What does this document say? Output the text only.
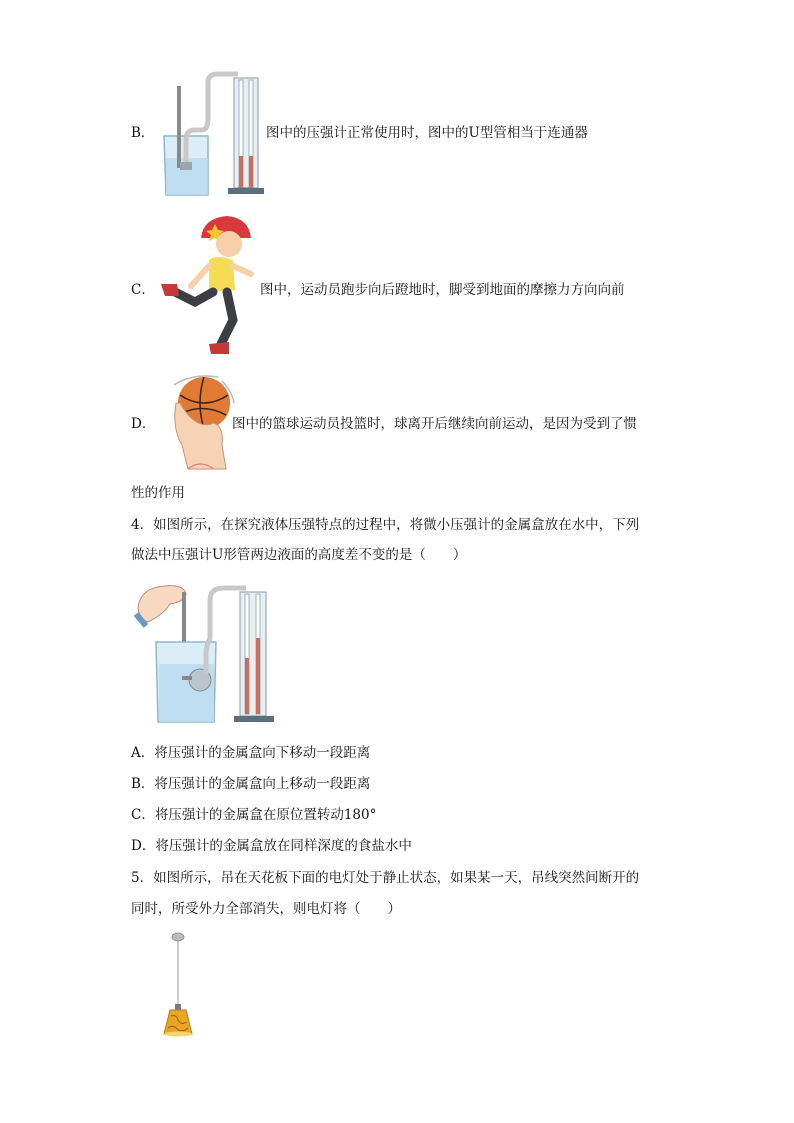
B．	图中的压强计正常使用时，图中的U型管相当于连通器
C．	图中，运动员跑步向后蹬地时，脚受到地面的摩擦力方向向前
D．	图中的篮球运动员投篮时，球离开后继续向前运动，是因为受到了惯
性的作用
4．如图所示，在探究液体压强特点的过程中，将微小压强计的金属盒放在水中，下列
做法中压强计U形管两边液面的高度差不变的是（　　）
A．将压强计的金属盒向下移动一段距离
B．将压强计的金属盒向上移动一段距离
C．将压强计的金属盒在原位置转动180°
D．将压强计的金属盒放在同样深度的食盐水中
5．如图所示，吊在天花板下面的电灯处于静止状态，如果某一天，吊线突然间断开的
同时，所受外力全部消失，则电灯将（　　）
